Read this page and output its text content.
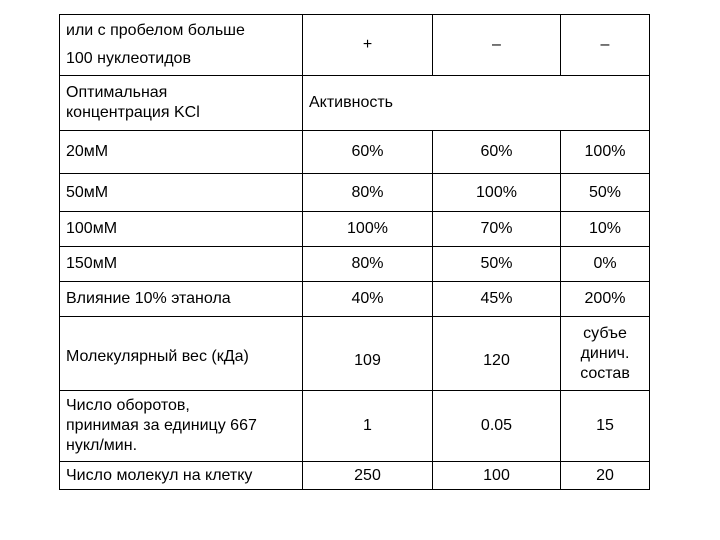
или с пробелом больше
100 нуклеотидов	+	–	–

Оптимальная
концентрация KCl	Активность		
20мМ	60%	60%	100%
50мМ	80%	100%	50%
100мМ	100%	70%	10%
150мМ	80%	50%	0%
Влияние 10% этанола	40%	45%	200%
Молекулярный вес (кДа)	109	120	субъе
динич.
состав

Число оборотов,
принимая за единицу 667
нукл/мин.	1	0.05	15
Число молекул на клетку	250	100	20
